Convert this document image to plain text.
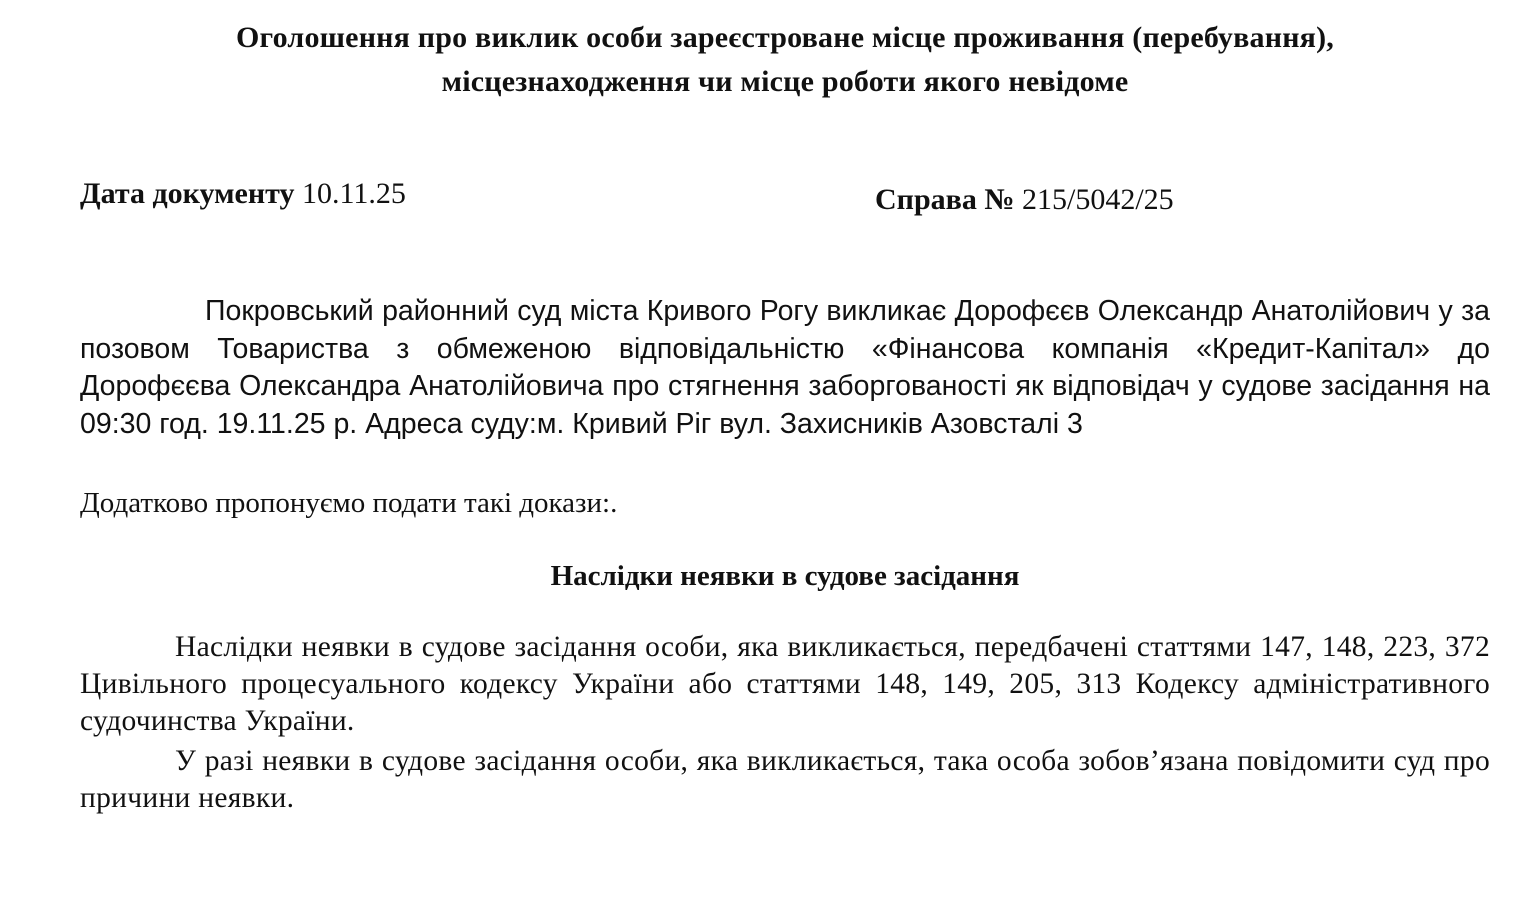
Оголошення про виклик особи зареєстроване місце проживання (перебування),
місцезнаходження чи місце роботи якого невідоме
Дата документу 10.11.25	Справа № 215/5042/25
Покровський районний суд міста Кривого Рогу викликає Дорофєєв Олександр Анатолійович у за позовом Товариства з обмеженою відповідальністю «Фінансова компанія «Кредит-Капітал» до Дорофєєва Олександра Анатолійовича про стягнення заборгованості як відповідач у судове засідання на 09:30 год. 19.11.25 р. Адреса суду:м. Кривий Ріг вул. Захисників Азовсталі 3
Додатково пропонуємо подати такі докази:.
Наслідки неявки в судове засідання
Наслідки неявки в судове засідання особи, яка викликається, передбачені статтями 147, 148, 223, 372 Цивільного процесуального кодексу України або статтями 148, 149, 205, 313 Кодексу адміністративного судочинства України.
У разі неявки в судове засідання особи, яка викликається, така особа зобов’язана повідомити суд про причини неявки.
